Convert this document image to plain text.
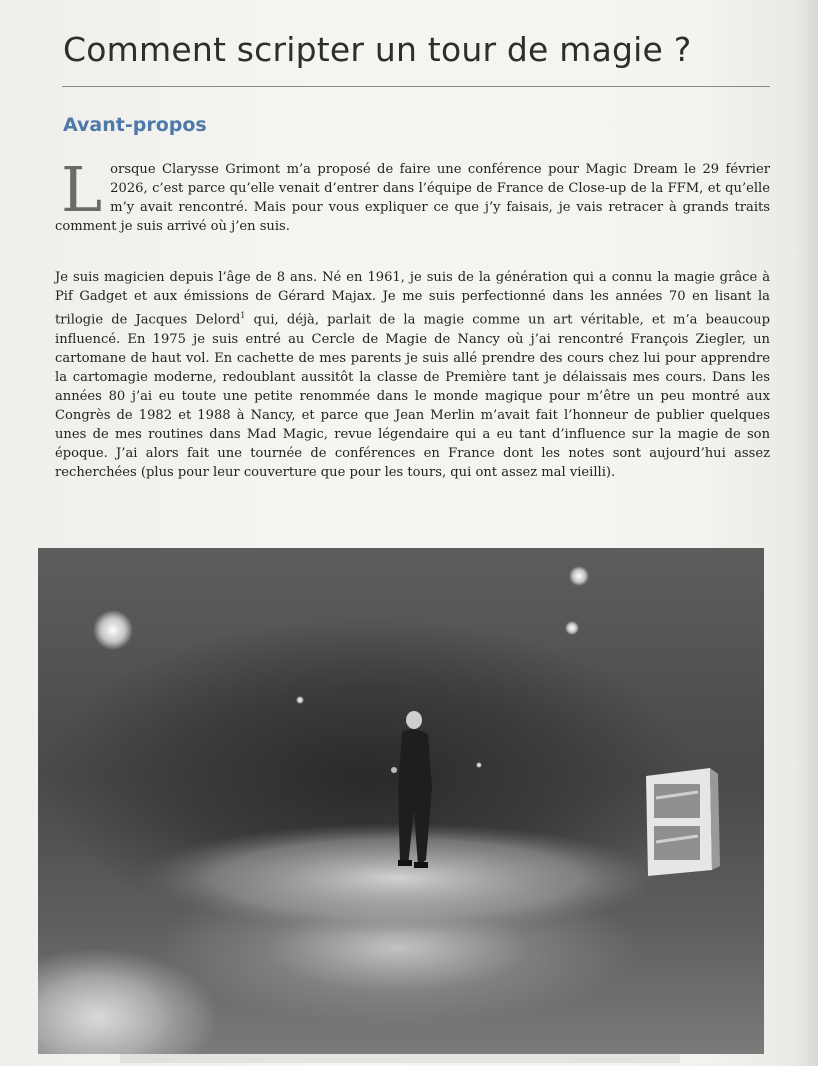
Comment scripter un tour de magie ?
Avant-propos
Lorsque Clarysse Grimont m’a proposé de faire une conférence pour Magic Dream le 29 février 2026, c’est parce qu’elle venait d’entrer dans l’équipe de France de Close-up de la FFM, et qu’elle m’y avait rencontré. Mais pour vous expliquer ce que j’y faisais, je vais retracer à grands traits comment je suis arrivé où j’en suis.
Je suis magicien depuis l’âge de 8 ans. Né en 1961, je suis de la génération qui a connu la magie grâce à Pif Gadget et aux émissions de Gérard Majax. Je me suis perfectionné dans les années 70 en lisant la trilogie de Jacques Delord$^1$ qui, déjà, parlait de la magie comme un art véritable, et m’a beaucoup influencé. En 1975 je suis entré au Cercle de Magie de Nancy où j’ai rencontré François Ziegler, un cartomane de haut vol. En cachette de mes parents je suis allé prendre des cours chez lui pour apprendre la cartomagie moderne, redoublant aussitôt la classe de Première tant je délaissais mes cours. Dans les années 80 j’ai eu toute une petite renommée dans le monde magique pour m’être un peu montré aux Congrès de 1982 et 1988 à Nancy, et parce que Jean Merlin m’avait fait l’honneur de publier quelques unes de mes routines dans Mad Magic, revue légendaire qui a eu tant d’influence sur la magie de son époque. J’ai alors fait une tournée de conférences en France dont les notes sont aujourd’hui assez recherchées (plus pour leur couverture que pour les tours, qui ont assez mal vieilli).
